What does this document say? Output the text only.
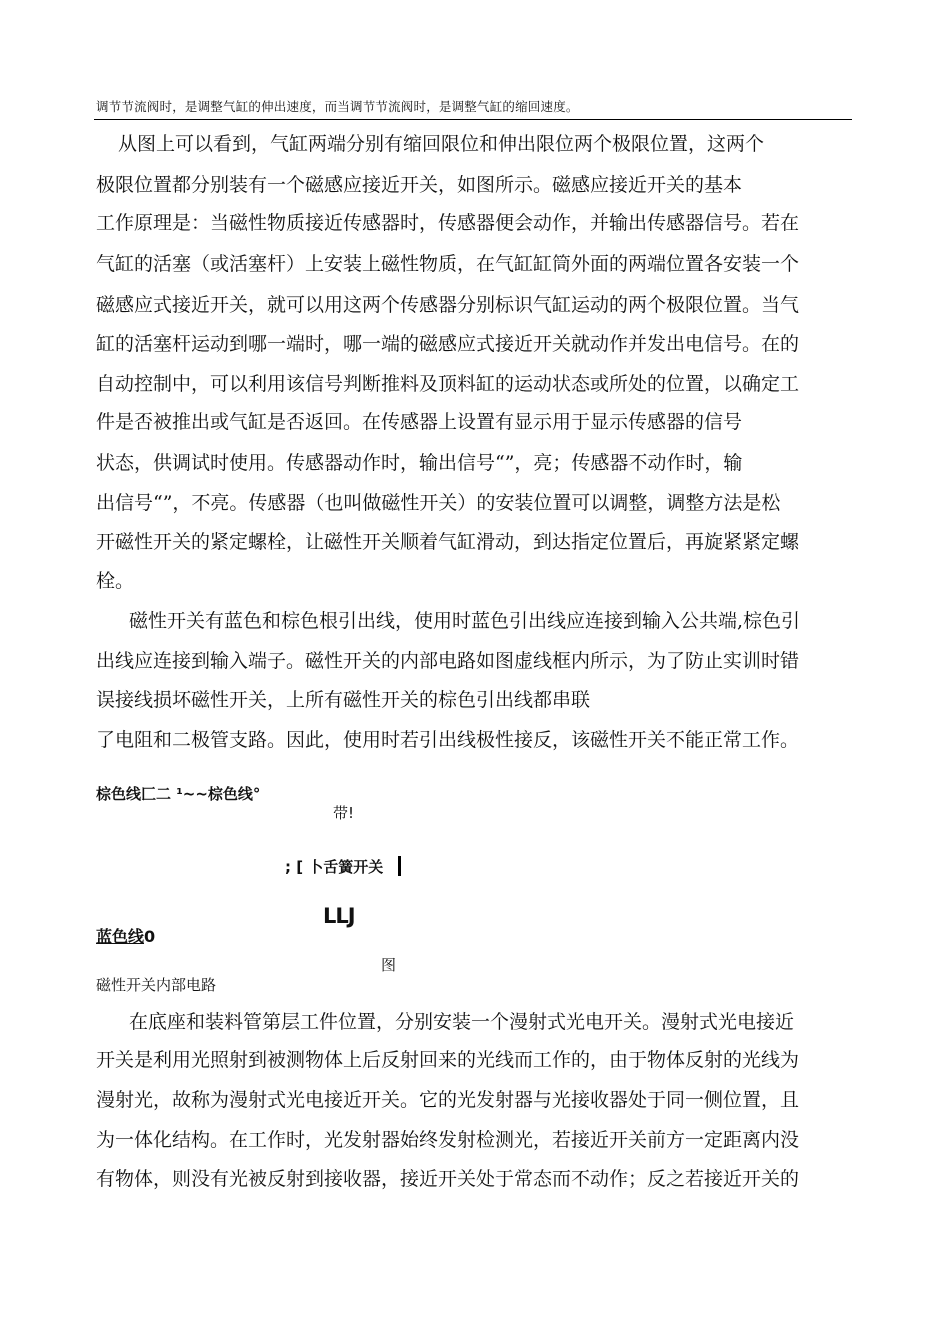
调节节流阀时，是调整气缸的伸出速度，而当调节节流阀时，是调整气缸的缩回速度。
从图上可以看到，气缸两端分别有缩回限位和伸出限位两个极限位置，这两个
极限位置都分别装有一个磁感应接近开关，如图所示。磁感应接近开关的基本
工作原理是：当磁性物质接近传感器时，传感器便会动作，并输出传感器信号。若在
气缸的活塞（或活塞杆）上安装上磁性物质，在气缸缸筒外面的两端位置各安装一个
磁感应式接近开关，就可以用这两个传感器分别标识气缸运动的两个极限位置。当气
缸的活塞杆运动到哪一端时，哪一端的磁感应式接近开关就动作并发出电信号。在的
自动控制中，可以利用该信号判断推料及顶料缸的运动状态或所处的位置，以确定工
件是否被推出或气缸是否返回。在传感器上设置有显示用于显示传感器的信号
状态，供调试时使用。传感器动作时，输出信号“”，亮；传感器不动作时，输
出信号“”，不亮。传感器（也叫做磁性开关）的安装位置可以调整，调整方法是松
开磁性开关的紧定螺栓，让磁性开关顺着气缸滑动，到达指定位置后，再旋紧紧定螺
栓。
磁性开关有蓝色和棕色根引出线，使用时蓝色引出线应连接到输入公共端,棕色引
出线应连接到输入端子。磁性开关的内部电路如图虚线框内所示，为了防止实训时错
误接线损坏磁性开关，上所有磁性开关的棕色引出线都串联
了电阻和二极管支路。因此，使用时若引出线极性接反，该磁性开关不能正常工作。
棕色线匚二 ¹~~棕色线°
带!
; [ 卜舌簧开关
LLJ
蓝色线0
图
磁性开关内部电路
在底座和装料管第层工件位置，分别安装一个漫射式光电开关。漫射式光电接近
开关是利用光照射到被测物体上后反射回来的光线而工作的，由于物体反射的光线为
漫射光，故称为漫射式光电接近开关。它的光发射器与光接收器处于同一侧位置，且
为一体化结构。在工作时，光发射器始终发射检测光，若接近开关前方一定距离内没
有物体，则没有光被反射到接收器，接近开关处于常态而不动作；反之若接近开关的
